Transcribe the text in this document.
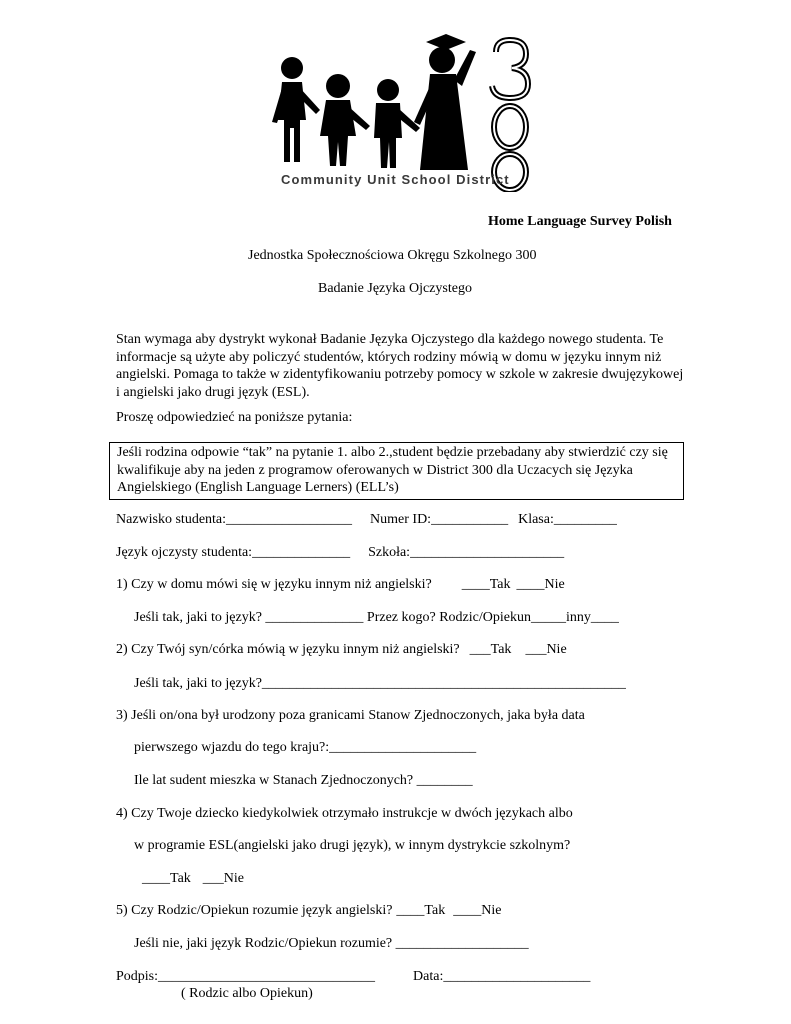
Community Unit School District
Home Language Survey Polish
Jednostka Społecznościowa Okręgu Szkolnego 300
Badanie Języka Ojczystego
Stan wymaga aby dystrykt wykonał Badanie Języka Ojczystego dla każdego nowego studenta. Te informacje są użyte aby policzyć studentów, których rodziny mówią w domu w języku innym niż angielski. Pomaga to także w zidentyfikowaniu potrzeby pomocy w szkole w zakresie dwujęzykowej i angielski jako drugi język (ESL).
Proszę odpowiedzieć na poniższe pytania:
Jeśli rodzina odpowie “tak” na pytanie 1. albo 2.,student będzie przebadany aby stwierdzić czy się kwalifikuje aby na jeden z programow oferowanych w District 300 dla Uczacych się Języka Angielskiego (English Language Lerners) (ELL’s)
Nazwisko studenta:__________________ Numer ID:___________ Klasa:_________
Język ojczysty studenta:______________ Szkoła:______________________
1) Czy w domu mówi się w języku innym niż angielski? ____Tak ____Nie
Jeśli tak, jaki to język? ______________ Przez kogo? Rodzic/Opiekun_____inny____
2) Czy Twój syn/córka mówią w języku innym niż angielski? ___Tak ___Nie
Jeśli tak, jaki to język?____________________________________________________
3) Jeśli on/ona był urodzony poza granicami Stanow Zjednoczonych, jaka była data
pierwszego wjazdu do tego kraju?:_____________________
Ile lat sudent mieszka w Stanach Zjednoczonych? ________
4) Czy Twoje dziecko kiedykolwiek otrzymało instrukcje w dwóch językach albo
w programie ESL(angielski jako drugi język), w innym dystrykcie szkolnym?
____Tak ___Nie
5) Czy Rodzic/Opiekun rozumie język angielski? ____Tak ____Nie
Jeśli nie, jaki język Rodzic/Opiekun rozumie? ___________________
Podpis:_______________________________	Data:_____________________
( Rodzic albo Opiekun)
